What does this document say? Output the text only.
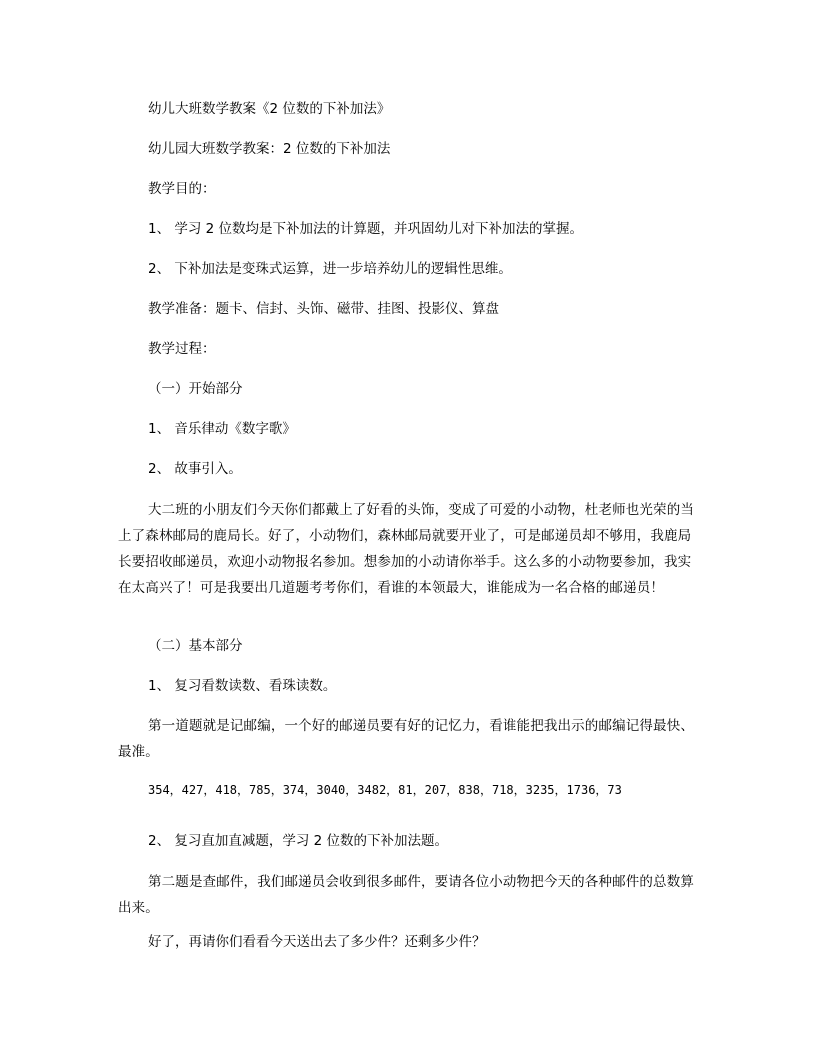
幼儿大班数学教案《2 位数的下补加法》
幼儿园大班数学教案：2 位数的下补加法
教学目的：
1、 学习 2 位数均是下补加法的计算题，并巩固幼儿对下补加法的掌握。
2、 下补加法是变珠式运算，进一步培养幼儿的逻辑性思维。
教学准备：题卡、信封、头饰、磁带、挂图、投影仪、算盘
教学过程：
（一）开始部分
1、 音乐律动《数字歌》
2、 故事引入。
大二班的小朋友们今天你们都戴上了好看的头饰，变成了可爱的小动物，杜老师也光荣的当上了森林邮局的鹿局长。好了，小动物们，森林邮局就要开业了，可是邮递员却不够用，我鹿局长要招收邮递员，欢迎小动物报名参加。想参加的小动请你举手。这么多的小动物要参加，我实在太高兴了！可是我要出几道题考考你们，看谁的本领最大，谁能成为一名合格的邮递员！
（二）基本部分
1、 复习看数读数、看珠读数。
第一道题就是记邮编，一个好的邮递员要有好的记忆力，看谁能把我出示的邮编记得最快、最准。
354，427，418，785，374，3040，3482，81，207，838，718，3235，1736，73
2、 复习直加直减题，学习 2 位数的下补加法题。
第二题是查邮件，我们邮递员会收到很多邮件，要请各位小动物把今天的各种邮件的总数算出来。
好了，再请你们看看今天送出去了多少件？还剩多少件？
